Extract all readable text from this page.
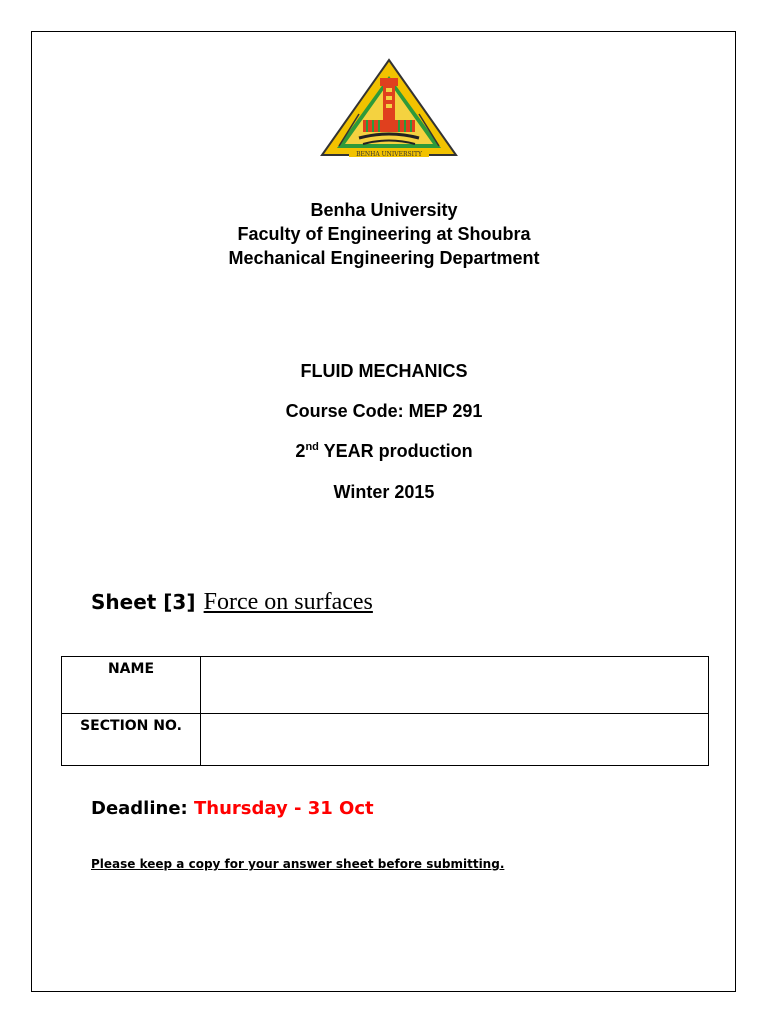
BENHA UNIVERSITY
Benha University
Faculty of Engineering at Shoubra
Mechanical Engineering Department
FLUID MECHANICS
Course Code: MEP 291
2nd YEAR production
Winter 2015
Sheet [3] Force on surfaces
NAME	
SECTION NO.	
Deadline: Thursday - 31 Oct
Please keep a copy for your answer sheet before submitting.
